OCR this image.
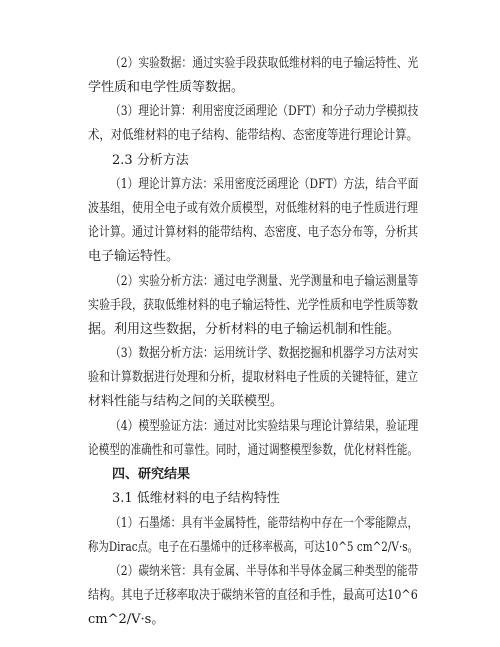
（2）实验数据：通过实验手段获取低维材料的电子输运特性、光
学性质和电学性质等数据。
（3）理论计算：利用密度泛函理论（DFT）和分子动力学模拟技
术，对低维材料的电子结构、能带结构、态密度等进行理论计算。
2.3 分析方法
（1）理论计算方法：采用密度泛函理论（DFT）方法，结合平面
波基组，使用全电子或有效介质模型，对低维材料的电子性质进行理
论计算。通过计算材料的能带结构、态密度、电子态分布等，分析其
电子输运特性。
（2）实验分析方法：通过电学测量、光学测量和电子输运测量等
实验手段，获取低维材料的电子输运特性、光学性质和电学性质等数
据。利用这些数据，分析材料的电子输运机制和性能。
（3）数据分析方法：运用统计学、数据挖掘和机器学习方法对实
验和计算数据进行处理和分析，提取材料电子性质的关键特征，建立
材料性能与结构之间的关联模型。
（4）模型验证方法：通过对比实验结果与理论计算结果，验证理
论模型的准确性和可靠性。同时，通过调整模型参数，优化材料性能。
四、研究结果
3.1 低维材料的电子结构特性
（1）石墨烯：具有半金属特性，能带结构中存在一个零能隙点，
称为Dirac点。电子在石墨烯中的迁移率极高，可达10^5 cm^2/V·s。
（2）碳纳米管：具有金属、半导体和半导体金属三种类型的能带
结构。其电子迁移率取决于碳纳米管的直径和手性，最高可达10^6
cm^2/V·s。
